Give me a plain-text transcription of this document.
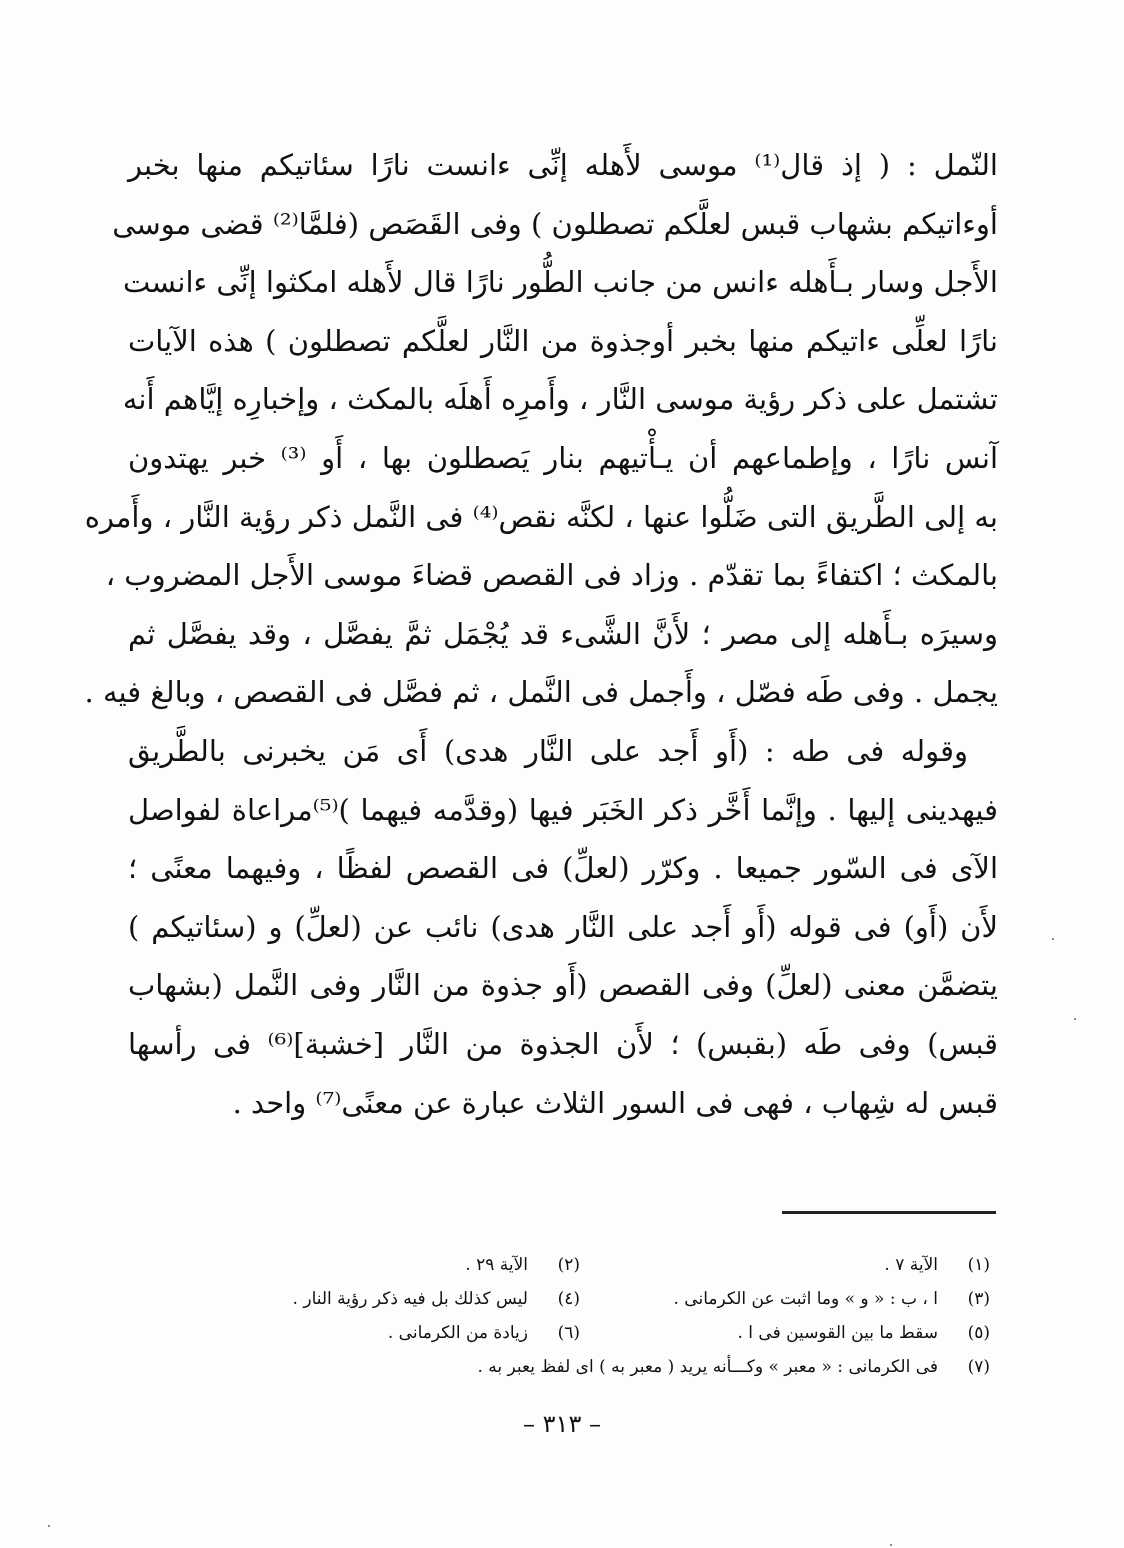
النّمل : ( إذ قال⁽¹⁾ موسى لأَهله إنِّى ءانست نارًا سئاتيكم منها بخبر
أوءاتيكم بشهاب قبس لعلَّكم تصطلون ) وفى القَصَص (فلمَّا⁽²⁾ قضى موسى
الأَجل وسار بـأَهله ءانس من جانب الطُّور نارًا قال لأَهله امكثوا إنِّى ءانست
نارًا لعلِّى ءاتيكم منها بخبر أوجذوة من النَّار لعلَّكم تصطلون ) هذه الآيات
تشتمل على ذكر رؤية موسى النَّار ، وأَمرِه أَهلَه بالمكث ، وإخبارِه إيَّاهم أَنه
آنس نارًا ، وإطماعهم أن يـأْتيهم بنار يَصطلون بها ، أَو ⁽³⁾ خبر يهتدون
به إلى الطَّريق التى ضَلُّوا عنها ، لكنَّه نقص⁽⁴⁾ فى النَّمل ذكر رؤية النَّار ، وأَمره
بالمكث ؛ اكتفاءً بما تقدّم . وزاد فى القصص قضاءَ موسى الأَجل المضروب ،
وسيرَه بـأَهله إلى مصر ؛ لأَنَّ الشَّىء قد يُجْمَل ثمَّ يفصَّل ، وقد يفصَّل ثم
يجمل . وفى طَه فصّل ، وأَجمل فى النَّمل ، ثم فصَّل فى القصص ، وبالغ فيه .
وقوله فى طه : (أَو أَجد على النَّار هدى) أَى مَن يخبرنى بالطَّريق
فيهدينى إليها . وإنَّما أَخَّر ذكر الخَبَر فيها (وقدَّمه فيهما )⁽⁵⁾مراعاة لفواصل
الآى فى السّور جميعا . وكرّر (لعلِّ) فى القصص لفظًا ، وفيهما معنًى ؛
لأَن (أَو) فى قوله (أَو أَجد على النَّار هدى) نائب عن (لعلِّ) و (سئاتيكم )
يتضمَّن معنى (لعلِّ) وفى القصص (أَو جذوة من النَّار وفى النَّمل (بشهاب
قبس) وفى طَه (بقبس) ؛ لأَن الجذوة من النَّار [خشبة]⁽⁶⁾ فى رأسها
قبس له شِهاب ، فهى فى السور الثلاث عبارة عن معنًى⁽⁷⁾ واحد .
(١)
الآية ٧ .
(٢)
الآية ٢٩ .
(٣)
ا ، ب : « و » وما اثبت عن الكرمانى .
(٤)
ليس كذلك بل فيه ذكر رؤية النار .
(٥)
سقط ما بين القوسين فى ا .
(٦)
زيادة من الكرمانى .
(٧)
فى الكرمانى : « معبر » وكـــأنه يريد ( معبر به ) اى لفظ يعبر به .
– ٣١٣ –
